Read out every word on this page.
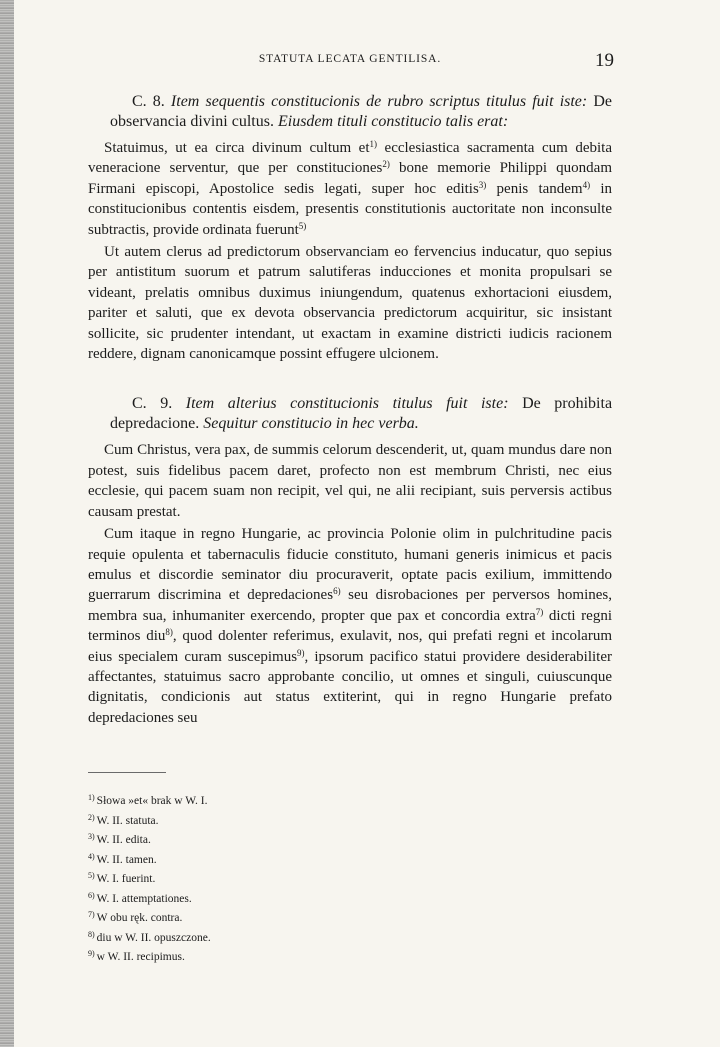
STATUTA LECATA GENTILISA.	19
C. 8. Item sequentis constitucionis de rubro scriptus titulus fuit iste: De observancia divini cultus. Eiusdem tituli constitucio talis erat:

Statuimus, ut ea circa divinum cultum $et^{1)}$ ecclesiastica sacramenta cum debita veneracione serventur, que per constituciones$^{2)}$ bone memorie Philippi quondam Firmani episcopi, Apostolice sedis legati, super hoc editis$^{3)}$ penis tandem$^{4)}$ in constitucionibus contentis eisdem, presentis constitutionis auctoritate non inconsulte subtractis, provide ordinata fuerunt$^{5)}$

Ut autem clerus ad predictorum observanciam eo fervencius inducatur, quo sepius per antistitum suorum et patrum salutiferas inducciones et monita propulsari se videant, prelatis omnibus duximus iniungendum, quatenus exhortacioni eiusdem, pariter et saluti, que ex devota observancia predictorum acquiritur, sic insistant sollicite, sic prudenter intendant, ut exactam in examine districti iudicis racionem reddere, dignam canonicamque possint effugere ulcionem.

C. 9. Item alterius constitucionis titulus fuit iste: De prohibita depredacione. Sequitur constitucio in hec verba.

Cum Christus, vera pax, de summis celorum descenderit, ut, quam mundus dare non potest, suis fidelibus pacem daret, profecto non est membrum Christi, nec eius ecclesie, qui pacem suam non recipit, vel qui, ne alii recipiant, suis perversis actibus causam prestat.

Cum itaque in regno Hungarie, ac provincia Polonie olim in pulchritudine pacis requie opulenta et tabernaculis fiducie constituto, humani generis inimicus et pacis emulus et discordie seminator diu procuraverit, optate pacis exilium, immittendo guerrarum discrimina et depredaciones$^{6)}$ seu disrobaciones per perversos homines, membra sua, inhumaniter exercendo, propter que pax et concordia extra$^{7)}$ dicti regni terminos diu$^{8)}$, quod dolenter referimus, exulavit, nos, qui prefati regni et incolarum eius specialem curam suscepimus$^{9)}$, ipsorum pacifico statui providere desiderabiliter affectantes, statuimus sacro approbante concilio, ut omnes et singuli, cuiuscunque dignitatis, condicionis aut status extiterint, qui in regno Hungarie prefato depredaciones seu

$^{1)}$ Słowa »et« brak w W. I.
$^{2)}$ W. II. statuta.
$^{3)}$ W. II. edita.
$^{4)}$ W. II. tamen.
$^{5)}$ W. I. fuerint.
$^{6)}$ W. I. attemptationes.
$^{7)}$ W obu ręk. contra.
$^{8)}$ diu w W. II. opuszczone.
$^{9)}$ w W. II. recipimus.
